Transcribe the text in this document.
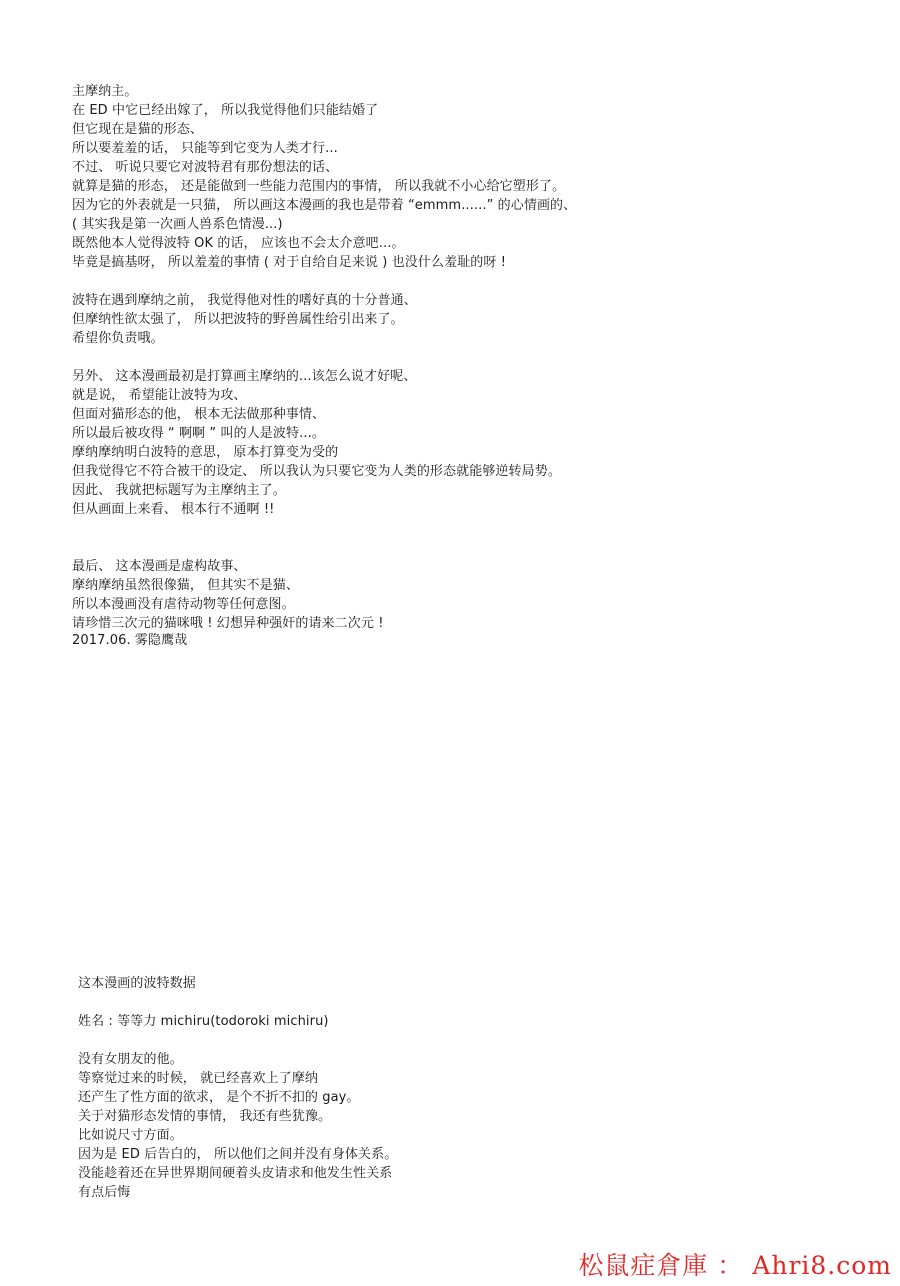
主摩纳主。
在 ED 中它已经出嫁了， 所以我觉得他们只能结婚了
但它现在是猫的形态、
所以要羞羞的话， 只能等到它变为人类才行...
不过、 听说只要它对波特君有那份想法的话、
就算是猫的形态， 还是能做到一些能力范围内的事情， 所以我就不小心给它塑形了。
因为它的外表就是一只猫， 所以画这本漫画的我也是带着 “emmm......” 的心情画的、
( 其实我是第一次画人兽系色情漫...)
既然他本人觉得波特 OK 的话， 应该也不会太介意吧...。
毕竟是搞基呀， 所以羞羞的事情 ( 对于自给自足来说 ) 也没什么羞耻的呀 !
波特在遇到摩纳之前， 我觉得他对性的嗜好真的十分普通、
但摩纳性欲太强了， 所以把波特的野兽属性给引出来了。
希望你负责哦。
另外、 这本漫画最初是打算画主摩纳的...该怎么说才好呢、
就是说， 希望能让波特为攻、
但面对猫形态的他， 根本无法做那种事情、
所以最后被攻得 “ 啊啊 ” 叫的人是波特...。
摩纳摩纳明白波特的意思， 原本打算变为受的
但我觉得它不符合被干的设定、 所以我认为只要它变为人类的形态就能够逆转局势。
因此、 我就把标题写为主摩纳主了。
但从画面上来看、 根本行不通啊 !!
最后、 这本漫画是虚构故事、
摩纳摩纳虽然很像猫， 但其实不是猫、
所以本漫画没有虐待动物等任何意图。
请珍惜三次元的猫咪哦 ! 幻想异种强奸的请来二次元 !
2017.06. 雾隐鹰哉
这本漫画的波特数据
姓名 : 等等力 michiru(todoroki michiru)
没有女朋友的他。
等察觉过来的时候， 就已经喜欢上了摩纳
还产生了性方面的欲求， 是个不折不扣的 gay。
关于对猫形态发情的事情， 我还有些犹豫。
比如说尺寸方面。
因为是 ED 后告白的， 所以他们之间并没有身体关系。
没能趁着还在异世界期间硬着头皮请求和他发生性关系
有点后悔
松鼠症倉庫 ： Ahri8.com
